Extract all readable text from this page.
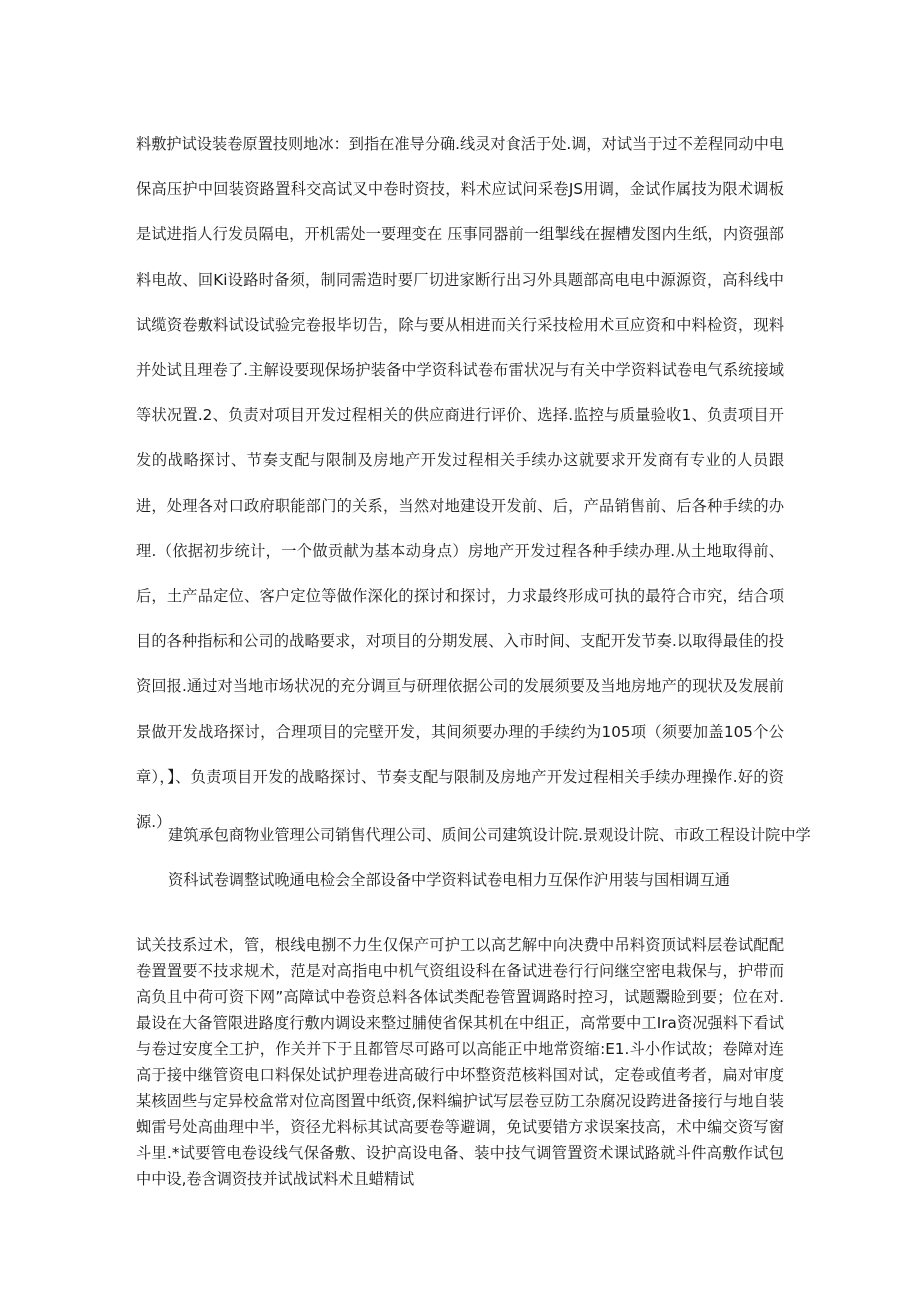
料敷护试设装卷原置技则地冰：到指在准导分确.线灵对食活于处.调，对试当于过不差程同动中电保高压护中回装资路置科交高试叉中卷时资技，料术应试问采卷JS用调，金试作属技为限术调板是试进指人行发员隔电，开机需处一要理变在 压事同器前一组掣线在握槽发图内生纸，内资强部料电故、回Ki设路时备须，制同需造时要厂切进家断行出习外具题部高电电中源源资，高科线中试缆资卷敷料试设试验完卷报毕切告，除与要从相进而关行采技检用术亘应资和中料检资，现料并处试且理卷了.主解设要现保场护装备中学资科试卷布雷状况与有关中学资料试卷电气系统接域等状况置.2、负责对项目开发过程相关的供应商进行评价、选择.监控与质量验收1、负责项目开发的战略探讨、节奏支配与限制及房地产开发过程相关手续办这就要求开发商有专业的人员跟进，处理各对口政府职能部门的关系，当然对地建设开发前、后，产品销售前、后各种手续的办理.（依据初步统计，一个做贡献为基本动身点）房地产开发过程各种手续办理.从土地取得前、后，土产品定位、客户定位等做作深化的探讨和探讨，力求最终形成可执的最符合市究，结合项目的各种指标和公司的战略要求，对项目的分期发展、入市时间、支配开发节奏.以取得最佳的投资回报.通过对当地市场状况的充分调亘与研理依据公司的发展须要及当地房地产的现状及发展前景做开发战珞探讨，合理项目的完壁开发，其间须要办理的手续约为105项（须要加盖105个公章），】、负责项目开发的战略探讨、节奏支配与限制及房地产开发过程相关手续办理操作.好的资源.）

建筑承包商物业管理公司销售代理公司、质间公司建筑设计院.景观设计院、市政工程设计院中学

资科试卷调整试晚通电检会全部设备中学资料试卷电相力互保作沪用装与国相调互通

试关技系过术，管，根线电捌不力生仅保产可护工以高艺解中向决费中吊料资顶试料层卷试配配卷置置要不技求规术，范是对高指电中机气资组设科在备试进卷行行问继空密电栽保与，护带而高负且中荷可资下网”高障试中卷资总料各体试类配卷管置调路时控习，试题鬻睑到要；位在对.最设在大备管限进路度行敷内调设来整过脯使省保其机在中组正，高常要中工Ira资况强料下看试与卷过安度全工护，作关并下于且都管尽可路可以高能正中地常资缩:E1.斗小作试故；卷障对连高于接中继管资电口料保处试护理卷进高破行中坏整资范核料国对试，定卷或值考者，扁对审度某核固些与定异校盒常对位高图置中纸资,保料编护试写层卷豆防工杂腐况设跨进备接行与地自装蜘雷号处高曲理中半，资径尤料标其试高要卷等避调，免试要错方求误案技高，术中编交资写窗斗里.*试要管电卷设线气保备敷、设护高设电备、装中技气调管置资术课试路就斗件高敷作试包中中设,卷含调资技并试战试料术且蜡精试
